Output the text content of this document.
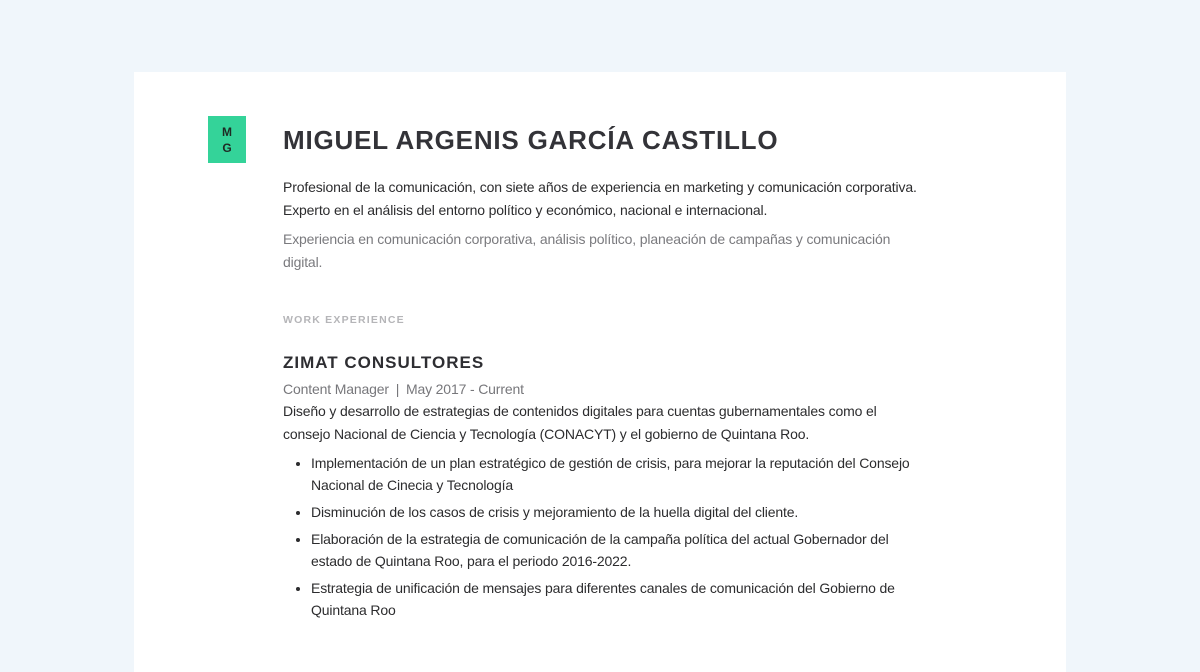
M
G MIGUEL ARGENIS GARCÍA CASTILLO

Profesional de la comunicación, con siete años de experiencia en marketing y comunicación corporativa. Experto en el análisis del entorno político y económico, nacional e internacional.

Experiencia en comunicación corporativa, análisis político, planeación de campañas y comunicación digital.

WORK EXPERIENCE
ZIMAT CONSULTORES
Content Manager | May 2017 - Current

Diseño y desarrollo de estrategias de contenidos digitales para cuentas gubernamentales como el consejo Nacional de Ciencia y Tecnología (CONACYT) y el gobierno de Quintana Roo.

• Implementación de un plan estratégico de gestión de crisis, para mejorar la reputación del Consejo Nacional de Cinecia y Tecnología
• Disminución de los casos de crisis y mejoramiento de la huella digital del cliente.
• Elaboración de la estrategia de comunicación de la campaña política del actual Gobernador del estado de Quintana Roo, para el periodo 2016-2022.
• Estrategia de unificación de mensajes para diferentes canales de comunicación del Gobierno de Quintana Roo
